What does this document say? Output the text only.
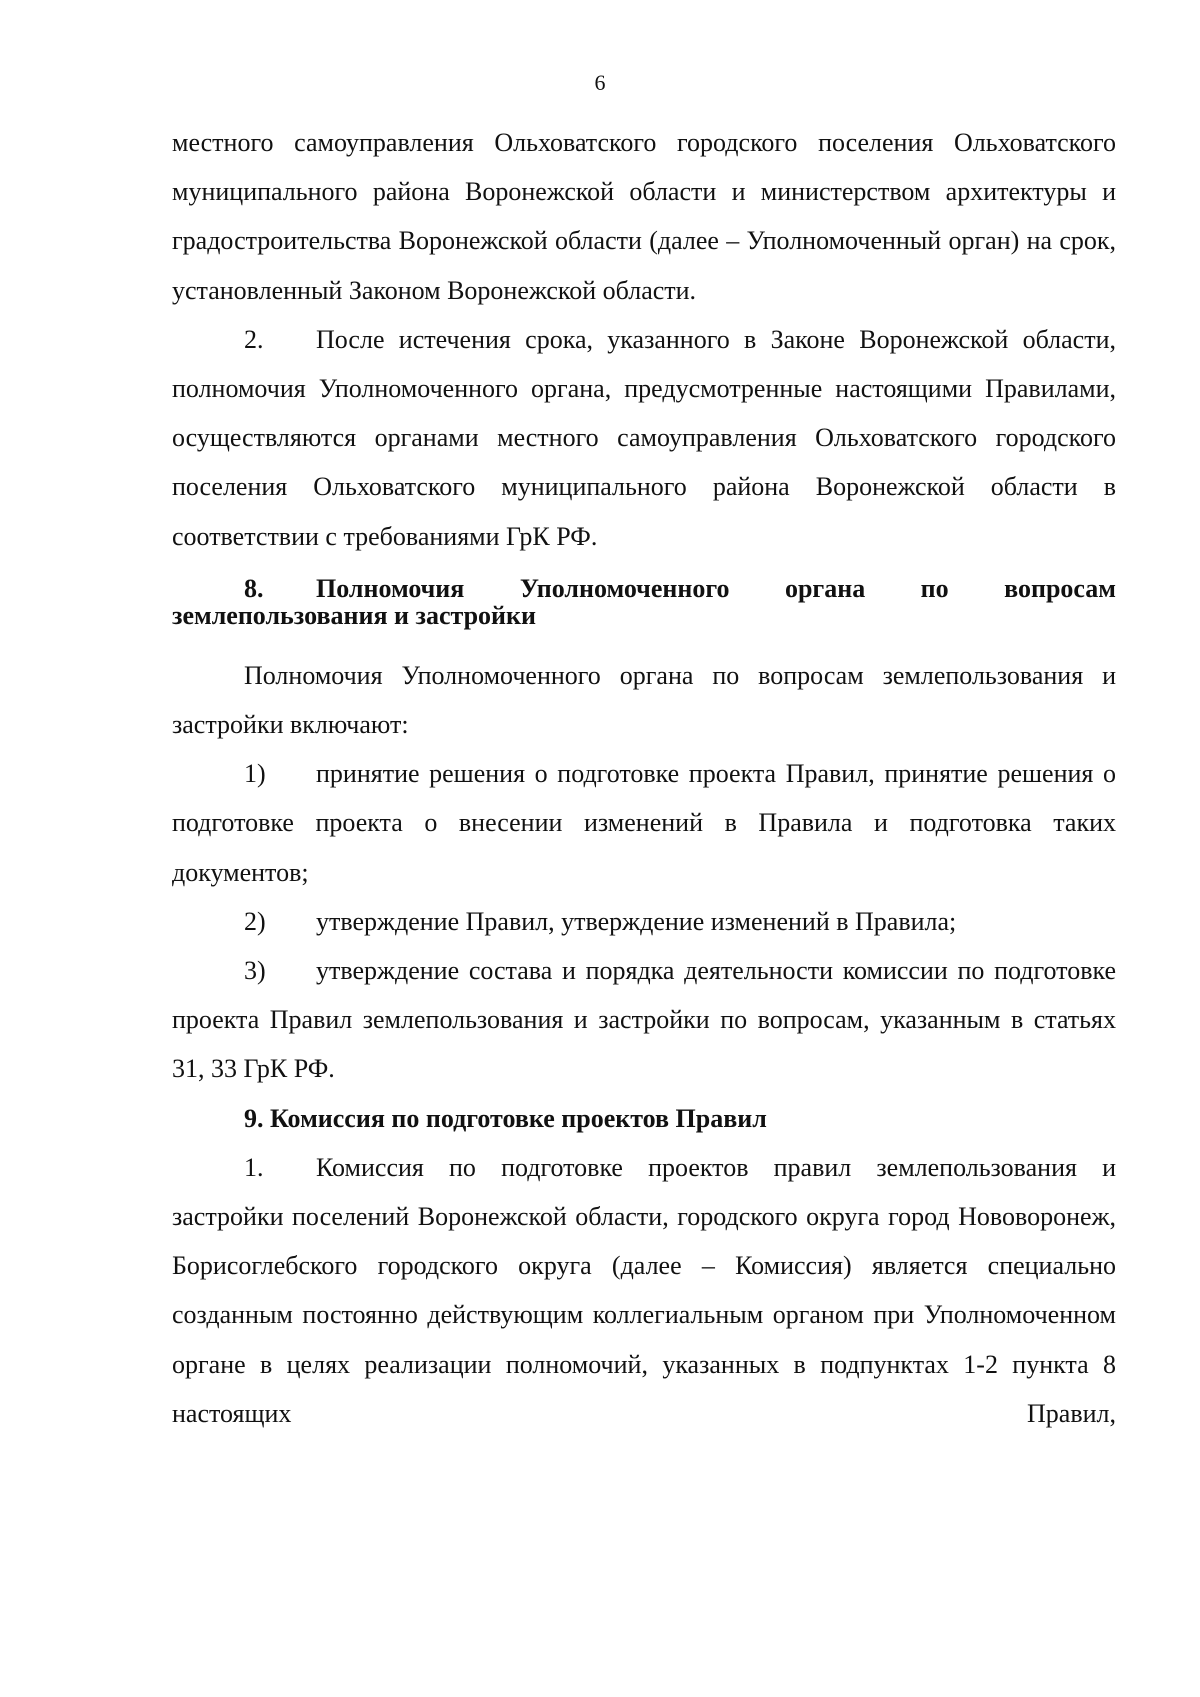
6
местного самоуправления Ольховатского городского поселения Ольховатского муниципального района Воронежской области и министерством архитектуры и градостроительства Воронежской области (далее – Уполномоченный орган) на срок, установленный Законом Воронежской области.
2. После истечения срока, указанного в Законе Воронежской области, полномочия Уполномоченного органа, предусмотренные настоящими Правилами, осуществляются органами местного самоуправления Ольховатского городского поселения Ольховатского муниципального района Воронежской области в соответствии с требованиями ГрК РФ.
8. Полномочия Уполномоченного органа по вопросам землепользования и застройки
Полномочия Уполномоченного органа по вопросам землепользования и застройки включают:
1) принятие решения о подготовке проекта Правил, принятие решения о подготовке проекта о внесении изменений в Правила и подготовка таких документов;
2) утверждение Правил, утверждение изменений в Правила;
3) утверждение состава и порядка деятельности комиссии по подготовке проекта Правил землепользования и застройки по вопросам, указанным в статьях 31, 33 ГрК РФ.
9. Комиссия по подготовке проектов Правил
1. Комиссия по подготовке проектов правил землепользования и застройки поселений Воронежской области, городского округа город Нововоронеж, Борисоглебского городского округа (далее – Комиссия) является специально созданным постоянно действующим коллегиальным органом при Уполномоченном органе в целях реализации полномочий, указанных в подпунктах 1-2 пункта 8 настоящих Правил,
